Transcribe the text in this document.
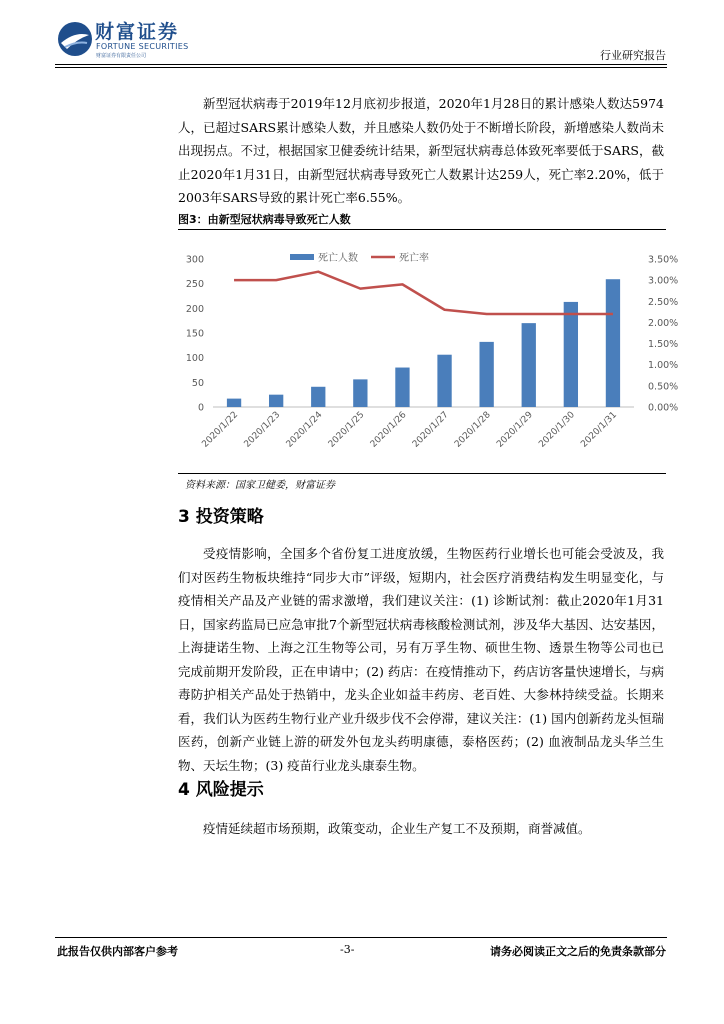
财富证券
FORTUNE SECURITIES
财富证券有限责任公司	行业研究报告
新型冠状病毒于2019年12月底初步报道，2020年1月28日的累计感染人数达5974人，已超过SARS累计感染人数，并且感染人数仍处于不断增长阶段，新增感染人数尚未出现拐点。不过，根据国家卫健委统计结果，新型冠状病毒总体致死率要低于SARS，截止2020年1月31日，由新型冠状病毒导致死亡人数累计达259人，死亡率2.20%，低于2003年SARS导致的累计死亡率6.55%。
图3：由新型冠状病毒导致死亡人数
死亡人数	死亡率
0
50
100
150
200
250
300
0.00%
0.50%
1.00%
1.50%
2.00%
2.50%
3.00%
3.50%
2020/1/22 2020/1/23 2020/1/24 2020/1/25 2020/1/26 2020/1/27 2020/1/28 2020/1/29 2020/1/30 2020/1/31
资料来源：国家卫健委，财富证券
3 投资策略
受疫情影响，全国多个省份复工进度放缓，生物医药行业增长也可能会受波及，我们对医药生物板块维持“同步大市”评级，短期内，社会医疗消费结构发生明显变化，与疫情相关产品及产业链的需求激增，我们建议关注：(1) 诊断试剂：截止2020年1月31日，国家药监局已应急审批7个新型冠状病毒核酸检测试剂，涉及华大基因、达安基因，上海捷诺生物、上海之江生物等公司，另有万孚生物、硕世生物、透景生物等公司也已完成前期开发阶段，正在申请中；(2) 药店：在疫情推动下，药店访客量快速增长，与病毒防护相关产品处于热销中，龙头企业如益丰药房、老百姓、大参林持续受益。长期来看，我们认为医药生物行业产业升级步伐不会停滞，建议关注：(1) 国内创新药龙头恒瑞医药，创新产业链上游的研发外包龙头药明康德，泰格医药；(2) 血液制品龙头华兰生物、天坛生物；(3) 疫苗行业龙头康泰生物。
4 风险提示
疫情延续超市场预期，政策变动，企业生产复工不及预期，商誉减值。
此报告仅供内部客户参考	-3-	请务必阅读正文之后的免责条款部分
